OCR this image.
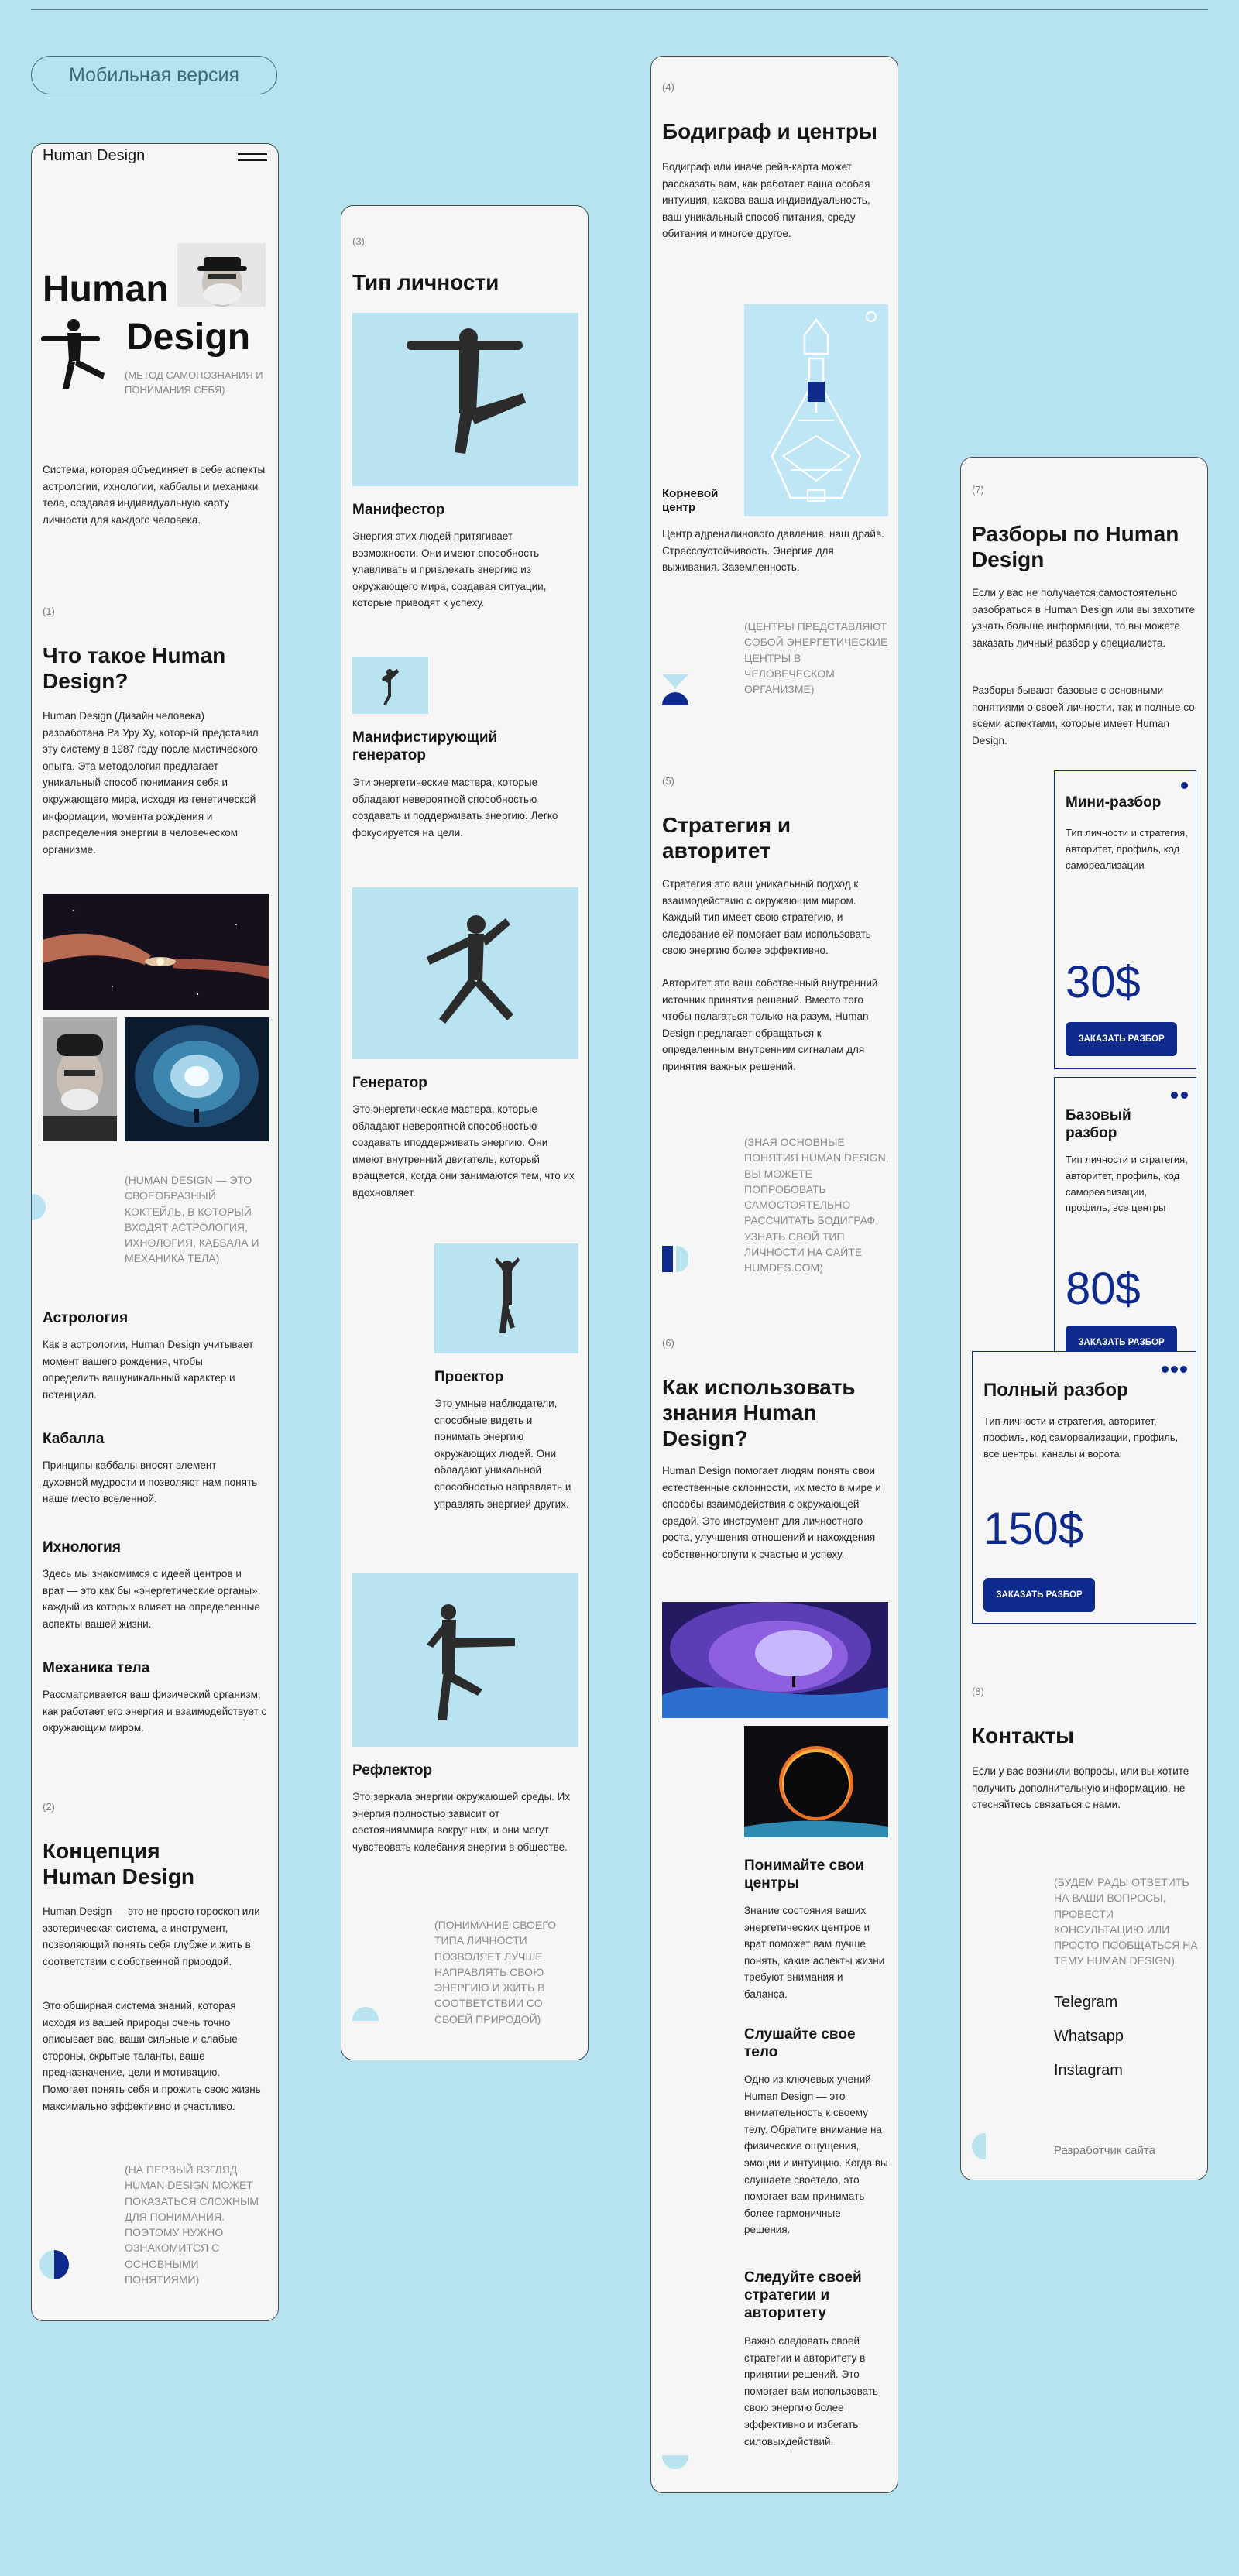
Мобильная версия
Human Design
Human
Design
(МЕТОД САМОПОЗНАНИЯ И ПОНИМАНИЯ СЕБЯ)
Система, которая объединяет в себе аспекты астрологии, ихнологии, каббалы и механики тела, создавая индивидуальную карту личности для каждого человека.
(1)
Что такое Human Design?
Human Design (Дизайн человека) разработана Ра Уру Ху, который представил эту систему в 1987 году после мистического опыта. Эта методология предлагает уникальный способ понимания себя и окружающего мира, исходя из генетической информации, момента рождения и распределения энергии в человеческом организме.
(HUMAN DESIGN — ЭТО СВОЕОБРАЗНЫЙ КОКТЕЙЛЬ, В КОТОРЫЙ ВХОДЯТ АСТРОЛОГИЯ, ИХНОЛОГИЯ, КАББАЛА И МЕХАНИКА ТЕЛА)
Астрология
Как в астрологии, Human Design учитывает момент вашего рождения, чтобы определить вашуникальный характер и потенциал.
Кабалла
Принципы каббалы вносят элемент духовной мудрости и позволяют нам понять наше место вселенной.
Ихнология
Здесь мы знакомимся с идеей центров и врат — это как бы «энергетические органы», каждый из которых влияет на определенные аспекты вашей жизни.
Механика тела
Рассматривается ваш физический организм, как работает его энергия и взаимодействует с окружающим миром.
(2)
Концепция Human Design
Human Design — это не просто гороскоп или эзотерическая система, а инструмент, позволяющий понять себя глубже и жить в соответствии с собственной природой.
Это обширная система знаний, которая исходя из вашей природы очень точно описывает вас, ваши сильные и слабые стороны, скрытые таланты, ваше предназначение, цели и мотивацию. Помогает понять себя и прожить свою жизнь максимально эффективно и счастливо.
(НА ПЕРВЫЙ ВЗГЛЯД HUMAN DESIGN МОЖЕТ ПОКАЗАТЬСЯ СЛОЖНЫМ ДЛЯ ПОНИМАНИЯ. ПОЭТОМУ НУЖНО ОЗНАКОМИТСЯ С ОСНОВНЫМИ ПОНЯТИЯМИ)
(3)
Тип личности
Манифестор
Энергия этих людей притягивает возможности. Они имеют способность улавливать и привлекать энергию из окружающего мира, создавая ситуации, которые приводят к успеху.
Манифистирующий генератор
Эти энергетические мастера, которые обладают невероятной способностью создавать и поддерживать энергию. Легко фокусируется на цели.
Генератор
Это энергетические мастера, которые обладают невероятной способностью создавать иподдерживать энергию. Они имеют внутренний двигатель, который вращается, когда они занимаются тем, что их вдохновляет.
Проектор
Это умные наблюдатели, способные видеть и понимать энергию окружающих людей. Они обладают уникальной способностью направлять и управлять энергией других.
Рефлектор
Это зеркала энергии окружающей среды. Их энергия полностью зависит от состоянияммира вокруг них, и они могут чувствовать колебания энергии в обществе.
(ПОНИМАНИЕ СВОЕГО ТИПА ЛИЧНОСТИ ПОЗВОЛЯЕТ ЛУЧШЕ НАПРАВЛЯТЬ СВОЮ ЭНЕРГИЮ И ЖИТЬ В СООТВЕТСТВИИ СО СВОЕЙ ПРИРОДОЙ)
(4)
Бодиграф и центры
Бодиграф или иначе рейв-карта может рассказать вам, как работает ваша особая интуиция, какова ваша индивидуальность, ваш уникальный способ питания, среду обитания и многое другое.
Корневой центр
Центр адреналинового давления, наш драйв. Стрессоустойчивость. Энергия для выживания. Заземленность.
(ЦЕНТРЫ ПРЕДСТАВЛЯЮТ СОБОЙ ЭНЕРГЕТИЧЕСКИЕ ЦЕНТРЫ В ЧЕЛОВЕЧЕСКОМ ОРГАНИЗМЕ)
(5)
Стратегия и авторитет
Стратегия это ваш уникальный подход к взаимодействию с окружающим миром. Каждый тип имеет свою стратегию, и следование ей помогает вам использовать свою энергию более эффективно.
Авторитет это ваш собственный внутренний источник принятия решений. Вместо того чтобы полагаться только на разум, Human Design предлагает обращаться к определенным внутренним сигналам для принятия важных решений.
(ЗНАЯ ОСНОВНЫЕ ПОНЯТИЯ HUMAN DESIGN, ВЫ МОЖЕТЕ ПОПРОБОВАТЬ САМОСТОЯТЕЛЬНО РАССЧИТАТЬ БОДИГРАФ, УЗНАТЬ СВОЙ ТИП ЛИЧНОСТИ НА САЙТЕ HUMDES.COM)
(6)
Как использовать знания Human Design?
Human Design помогает людям понять свои естественные склонности, их место в мире и способы взаимодействия с окружающей средой. Это инструмент для личностного роста, улучшения отношений и нахождения собственногопути к счастью и успеху.
Понимайте свои центры
Знание состояния ваших энергетических центров и врат поможет вам лучше понять, какие аспекты жизни требуют внимания и баланса.
Слушайте свое тело
Одно из ключевых учений Human Design — это внимательность к своему телу. Обратите внимание на физические ощущения, эмоции и интуицию. Когда вы слушаете своетело, это помогает вам принимать более гармоничные решения.
Следуйте своей стратегии и авторитету
Важно следовать своей стратегии и авторитету в принятии решений. Это помогает вам использовать свою энергию более эффективно и избегать силовыхдействий.
(7)
Разборы по Human Design
Если у вас не получается самостоятельно разобраться в Human Design или вы захотите узнать больше информации, то вы можете заказать личный разбор у специалиста.
Разборы бывают базовые с основными понятиями о своей личности, так и полные со всеми аспектами, которые имеет Human Design.
Мини-разбор
Тип личности и стратегия, авторитет, профиль, код самореализации
30$
ЗАКАЗАТЬ РАЗБОР
Базовый разбор
Тип личности и стратегия, авторитет, профиль, код самореализации, профиль, все центры
80$
ЗАКАЗАТЬ РАЗБОР
Полный разбор
Тип личности и стратегия, авторитет, профиль, код самореализации, профиль, все центры, каналы и ворота
150$
ЗАКАЗАТЬ РАЗБОР
(8)
Контакты
Если у вас возникли вопросы, или вы хотите получить дополнительную информацию, не стесняйтесь связаться с нами.
(БУДЕМ РАДЫ ОТВЕТИТЬ НА ВАШИ ВОПРОСЫ, ПРОВЕСТИ КОНСУЛЬТАЦИЮ ИЛИ ПРОСТО ПООБЩАТЬСЯ НА ТЕМУ HUMAN DESIGN)
Telegram
Whatsapp
Instagram
Разработчик сайта
